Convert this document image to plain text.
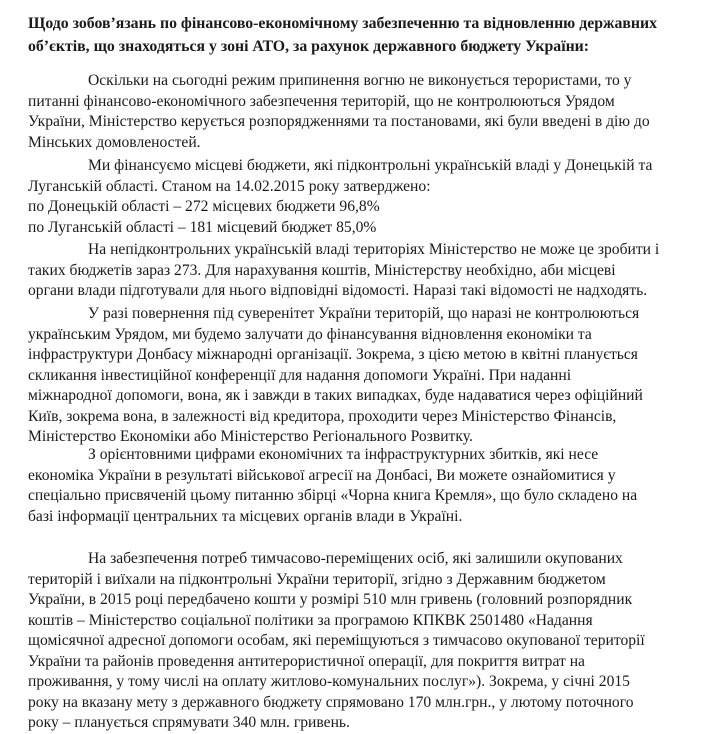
Щодо зобов’язань по фінансово-економічному забезпеченню та відновленню державних
об’єктів, що знаходяться у зоні АТО, за рахунок державного бюджету України:
Оскільки на сьогодні режим припинення вогню не виконується терористами, то у
питанні фінансово-економічного забезпечення територій, що не контролюються Урядом
України, Міністерство керується розпорядженнями та постановами, які були введені в дію до
Мінських домовленостей.
Ми фінансуємо місцеві бюджети, які підконтрольні українській владі у Донецькій та
Луганській області. Станом на 14.02.2015 року затверджено:
по Донецькій області – 272 місцевих бюджети 96,8%
по Луганській області – 181 місцевий бюджет 85,0%
На непідконтрольних українській владі територіях Міністерство не може це зробити і
таких бюджетів зараз 273. Для нарахування коштів, Міністерству необхідно, аби місцеві
органи влади підготували для нього відповідні відомості. Наразі такі відомості не надходять.
У разі повернення під суверенітет України територій, що наразі не контролюються
українським Урядом, ми будемо залучати до фінансування відновлення економіки та
інфраструктури Донбасу міжнародні організації. Зокрема, з цією метою в квітні планується
скликання інвестиційної конференції для надання допомоги Україні. При наданні
міжнародної допомоги, вона, як і завжди в таких випадках, буде надаватися через офіційний
Київ, зокрема вона, в залежності від кредитора, проходити через Міністерство Фінансів,
Міністерство Економіки або Міністерство Регіонального Розвитку.
З орієнтовними цифрами економічних та інфраструктурних збитків, які несе
економіка України в результаті військової агресії на Донбасі, Ви можете ознайомитися у
спеціально присвяченій цьому питанню збірці «Чорна книга Кремля», що було складено на
базі інформації центральних та місцевих органів влади в Україні.
На забезпечення потреб тимчасово-переміщених осіб, які залишили окупованих
територій і виїхали на підконтрольні України території, згідно з Державним бюджетом
України, в 2015 році передбачено кошти у розмірі 510 млн гривень (головний розпорядник
коштів – Міністерство соціальної політики за програмою КПКВК 2501480 «Надання
щомісячної адресної допомоги особам, які переміщуються з тимчасово окупованої території
України та районів проведення антитерористичної операції, для покриття витрат на
проживання, у тому числі на оплату житлово-комунальних послуг»). Зокрема, у січні 2015
року на вказану мету з державного бюджету спрямовано 170 млн.грн., у лютому поточного
року – планується спрямувати 340 млн. гривень.
